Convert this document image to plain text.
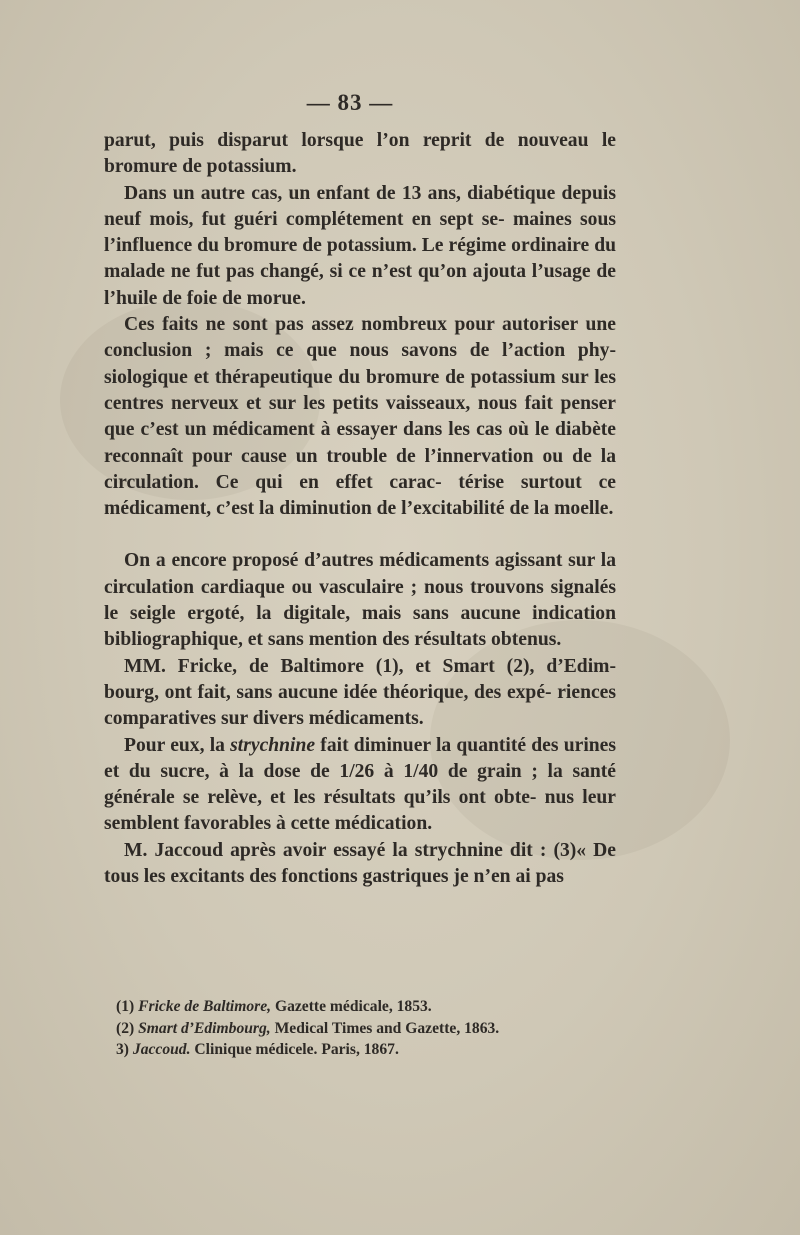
— 83 —

parut, puis disparut lorsque l’on reprit de nouveau le bromure de potassium.

Dans un autre cas, un enfant de 13 ans, diabétique depuis neuf mois, fut guéri complétement en sept se- maines sous l’influence du bromure de potassium. Le régime ordinaire du malade ne fut pas changé, si ce n’est qu’on ajouta l’usage de l’huile de foie de morue.

Ces faits ne sont pas assez nombreux pour autoriser une conclusion ; mais ce que nous savons de l’action phy- siologique et thérapeutique du bromure de potassium sur les centres nerveux et sur les petits vaisseaux, nous fait penser que c’est un médicament à essayer dans les cas où le diabète reconnaît pour cause un trouble de l’innervation ou de la circulation. Ce qui en effet carac- térise surtout ce médicament, c’est la diminution de l’excitabilité de la moelle.

On a encore proposé d’autres médicaments agissant sur la circulation cardiaque ou vasculaire ; nous trouvons signalés le seigle ergoté, la digitale, mais sans aucune indication bibliographique, et sans mention des résultats obtenus.

MM. Fricke, de Baltimore (1), et Smart (2), d’Edim- bourg, ont fait, sans aucune idée théorique, des expé- riences comparatives sur divers médicaments.

Pour eux, la strychnine fait diminuer la quantité des urines et du sucre, à la dose de 1/26 à 1/40 de grain ; la santé générale se relève, et les résultats qu’ils ont obte- nus leur semblent favorables à cette médication.

M. Jaccoud après avoir essayé la strychnine dit : (3)« De tous les excitants des fonctions gastriques je n’en ai pas

(1) Fricke de Baltimore, Gazette médicale, 1853.

(2) Smart d’Edimbourg, Medical Times and Gazette, 1863.

3) Jaccoud. Clinique médicele. Paris, 1867.
